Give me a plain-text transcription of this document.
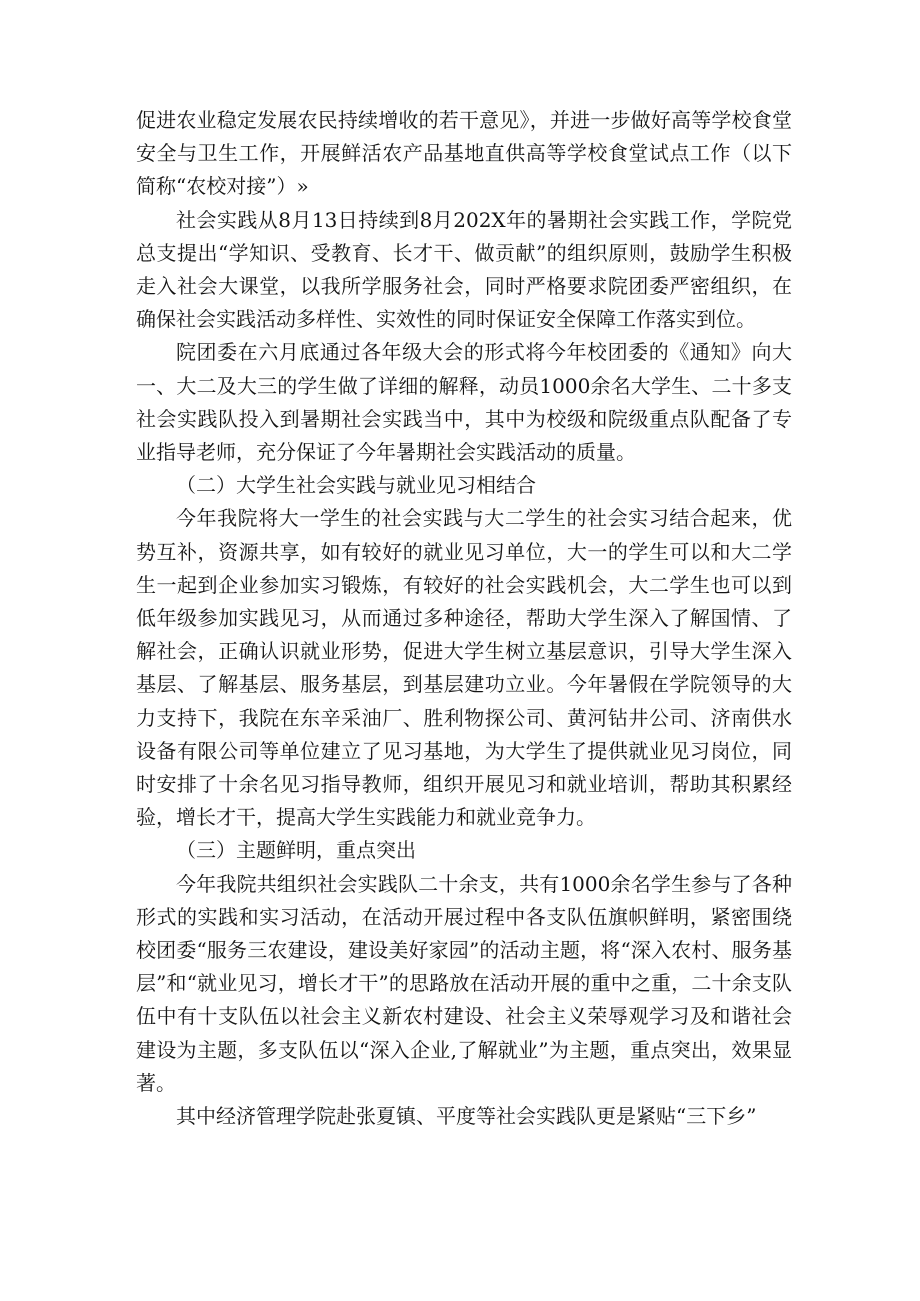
促进农业稳定发展农民持续增收的若干意见》，并进一步做好高等学校食堂安全与卫生工作，开展鲜活农产品基地直供高等学校食堂试点工作（以下简称“农校对接”）»

社会实践从8月13日持续到8月202X年的暑期社会实践工作，学院党总支提出“学知识、受教育、长才干、做贡献”的组织原则，鼓励学生积极走入社会大课堂，以我所学服务社会，同时严格要求院团委严密组织，在确保社会实践活动多样性、实效性的同时保证安全保障工作落实到位。

院团委在六月底通过各年级大会的形式将今年校团委的《通知》向大一、大二及大三的学生做了详细的解释，动员1000余名大学生、二十多支社会实践队投入到暑期社会实践当中，其中为校级和院级重点队配备了专业指导老师，充分保证了今年暑期社会实践活动的质量。

（二）大学生社会实践与就业见习相结合

今年我院将大一学生的社会实践与大二学生的社会实习结合起来，优势互补，资源共享，如有较好的就业见习单位，大一的学生可以和大二学生一起到企业参加实习锻炼，有较好的社会实践机会，大二学生也可以到低年级参加实践见习，从而通过多种途径，帮助大学生深入了解国情、了解社会，正确认识就业形势，促进大学生树立基层意识，引导大学生深入基层、了解基层、服务基层，到基层建功立业。今年暑假在学院领导的大力支持下，我院在东辛采油厂、胜利物探公司、黄河钻井公司、济南供水设备有限公司等单位建立了见习基地，为大学生了提供就业见习岗位，同时安排了十余名见习指导教师，组织开展见习和就业培训，帮助其积累经验，增长才干，提高大学生实践能力和就业竞争力。

（三）主题鲜明，重点突出

今年我院共组织社会实践队二十余支，共有1000余名学生参与了各种形式的实践和实习活动，在活动开展过程中各支队伍旗帜鲜明，紧密围绕校团委“服务三农建设，建设美好家园”的活动主题，将“深入农村、服务基层”和“就业见习，增长才干”的思路放在活动开展的重中之重，二十余支队伍中有十支队伍以社会主义新农村建设、社会主义荣辱观学习及和谐社会建设为主题，多支队伍以“深入企业,了解就业”为主题，重点突出，效果显著。

其中经济管理学院赴张夏镇、平度等社会实践队更是紧贴“三下乡”
